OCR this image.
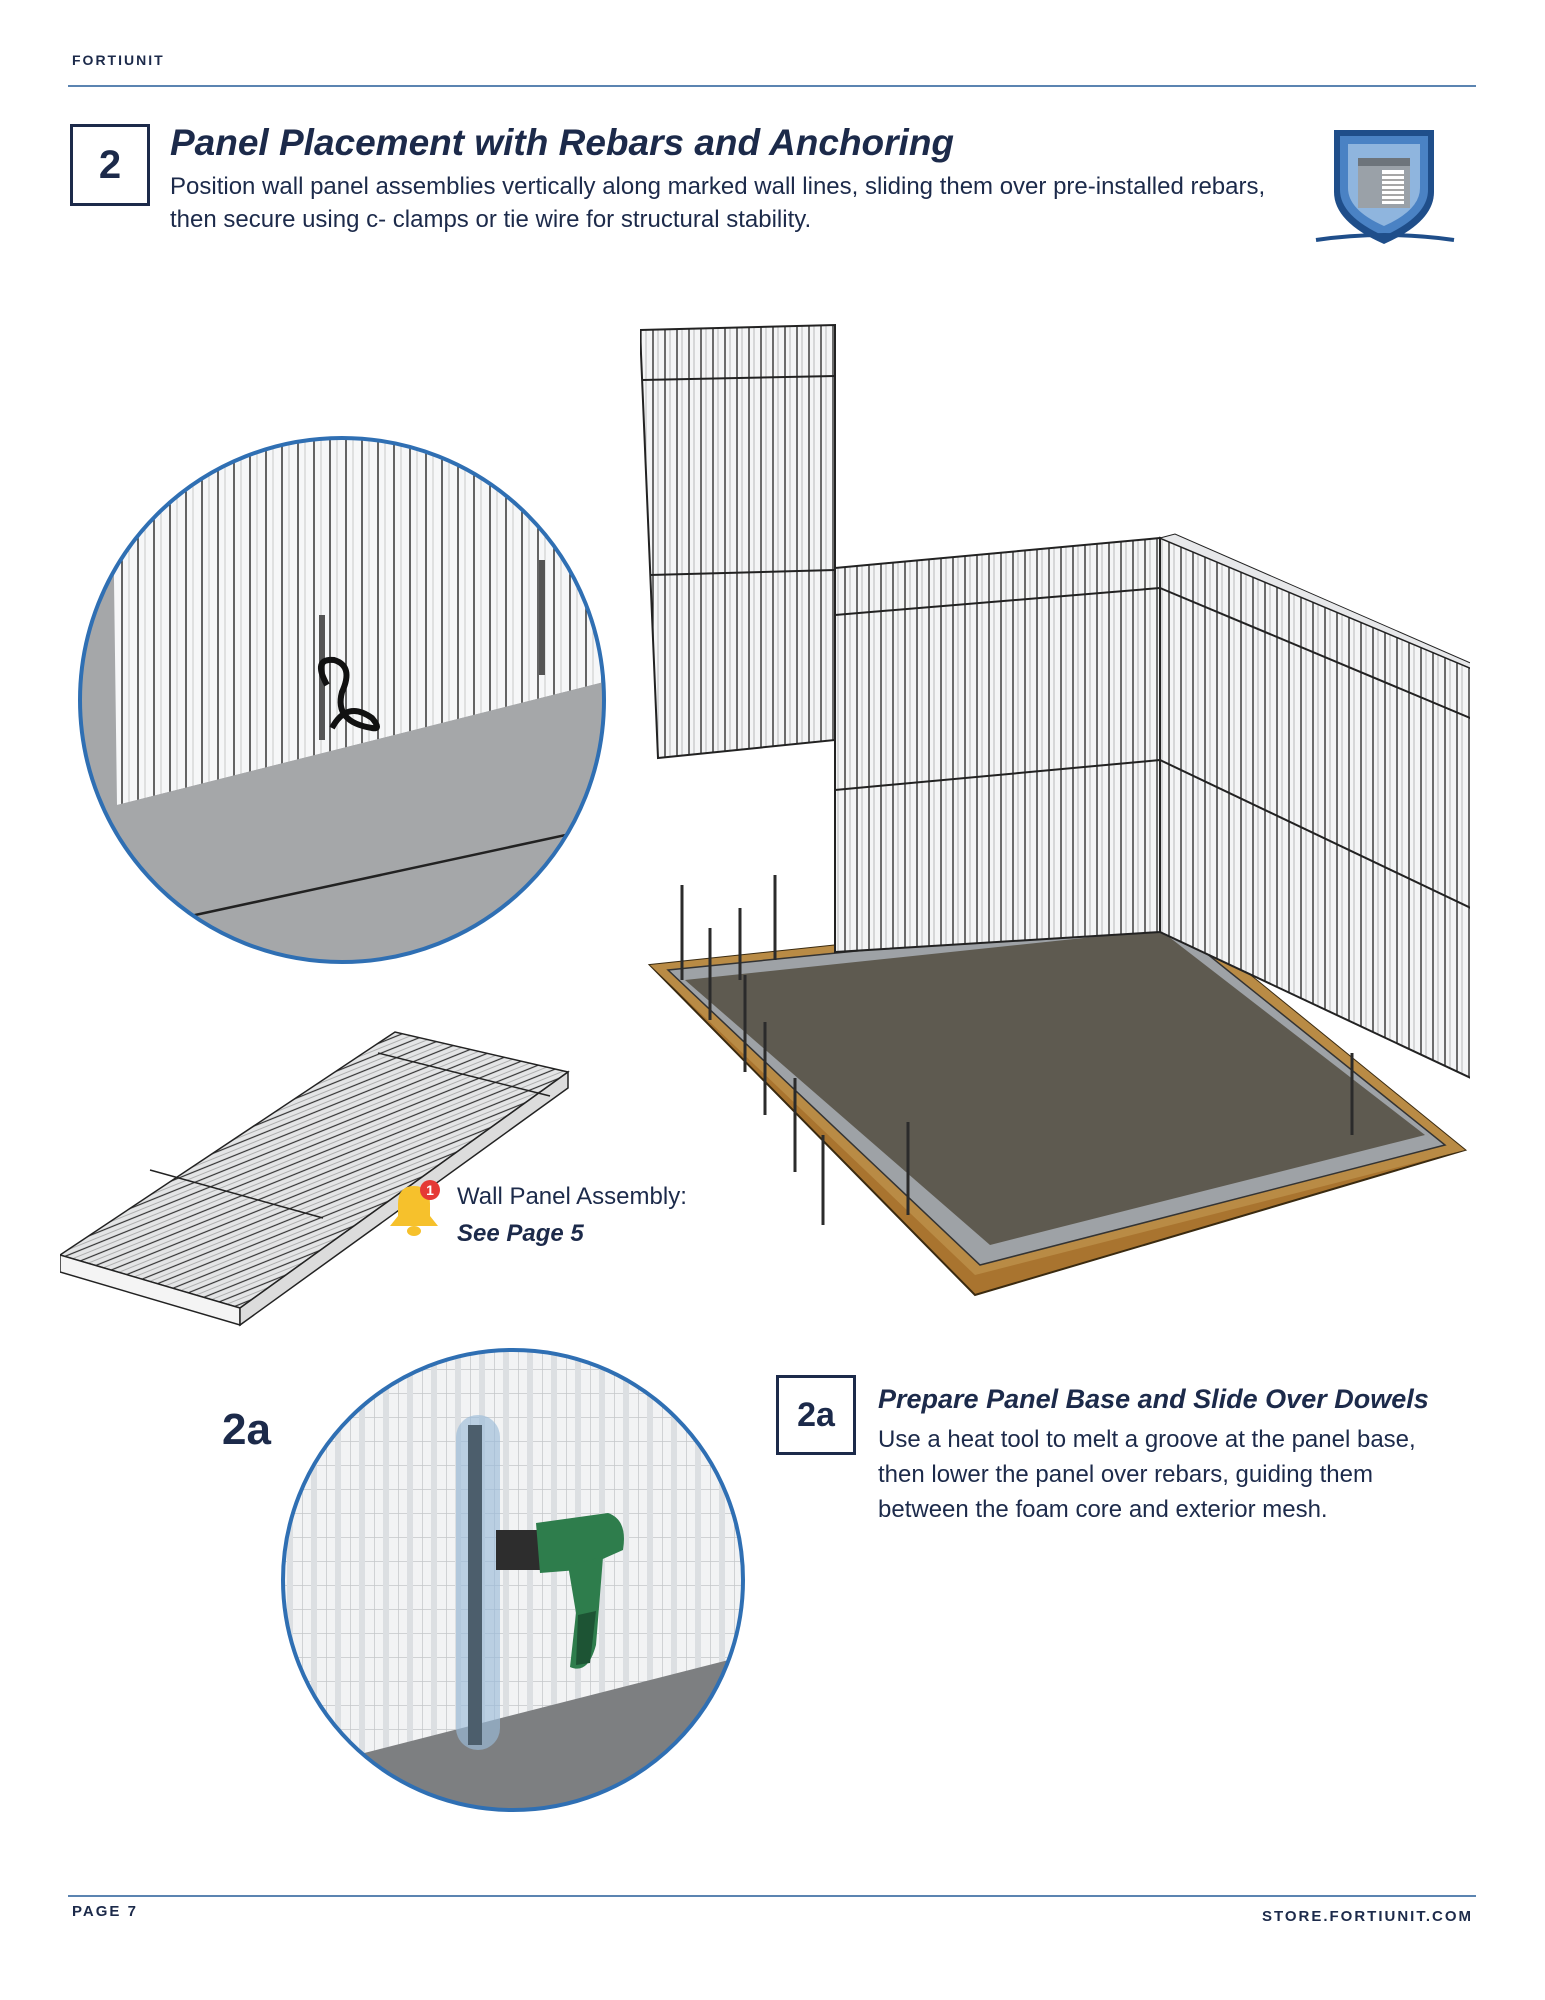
FORTIUNIT
2	Panel Placement with Rebars and Anchoring
Position wall panel assemblies vertically along marked wall lines, sliding them over pre-installed rebars, then secure using c- clamps or tie wire for structural stability.
1 Wall Panel Assembly:
See Page 5
2a	2a	Prepare Panel Base and Slide Over Dowels
Use a heat tool to melt a groove at the panel base, then lower the panel over rebars, guiding them between the foam core and exterior mesh.
PAGE 7	STORE.FORTIUNIT.COM
